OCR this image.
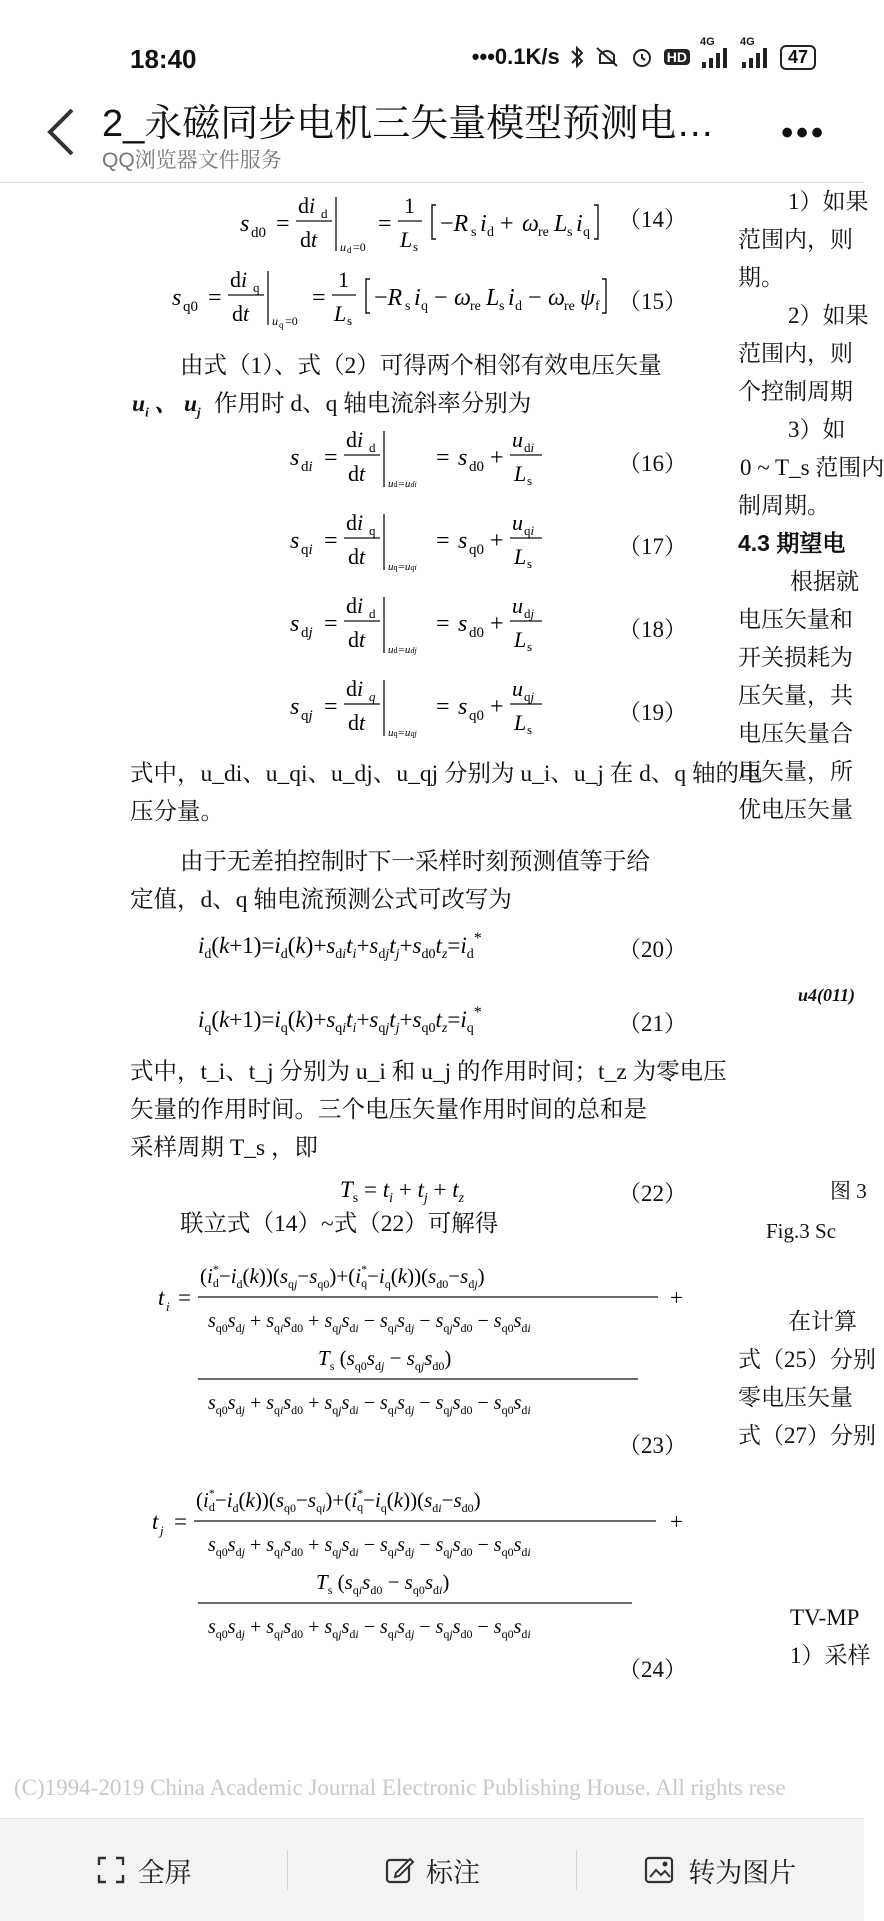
18:40	•••0.1K/s	HD
4G 4G
47
2_永磁同步电机三矢量模型预测电…
QQ浏览器文件服务
•••
s d0 =
di d
dt u d =0
=
1
L s
−R s i d + ω re L s i q
（14）
s q0 =
di q
dt u q =0
=
1
L s
−R s i q − ω re L s i d − ω re ψ f （15）
由式（1）、式（2）可得两个相邻有效电压矢量
$u_i$ 、 $u_j$ 作用时 d、q 轴电流斜率分别为
s di =
di d
dt ud=udi
= s d0 +
u di
L s
（16）
s qi =
di q
dt uq=uqi
= s q0 +
u qi
L s
（17）
s dj =
di d
dt ud=udj
= s d0 +
u dj
L s
（18）
s qj =
di q
dt uq=uqj
= s q0 +
u qj
L s
（19）
式中，u_di、u_qi、u_dj、u_qj 分别为 u_i、u_j 在 d、q 轴的电
压分量。
由于无差拍控制时下一采样时刻预测值等于给
定值，d、q 轴电流预测公式可改写为
$i_d(k+1)=i_d(k)+s_{di}t_i+s_{dj}t_j+s_{d0}t_z=i_d^*$	（20）
$i_q(k+1)=i_q(k)+s_{qi}t_i+s_{qj}t_j+s_{q0}t_z=i_q^*$	（21）
式中，t_i、t_j 分别为 u_i 和 u_j 的作用时间；t_z 为零电压
矢量的作用时间。三个电压矢量作用时间的总和是
采样周期 T_s ，即
$T_s = t_i + t_j + t_z$	（22）
联立式（14）~式（22）可解得
t i =
(i* $d-i_d(k))(s_{qj}-s_{q0})+(i^*$ $q-i_q(k))(s_{d0}-s_{dj})$
$s_{q0}s_{dj} + s_{qi}s_{d0} + s_{qj}s_{di} - s_{qi}s_{dj} - s_{qj}s_{d0} - s_{q0}s_{di}$
+
$T_s$ $(s_{q0}s_{dj} - s_{qj}s_{d0})$
$s_{q0}s_{dj} + s_{qi}s_{d0} + s_{qj}s_{di} - s_{qi}s_{dj} - s_{qj}s_{d0} - s_{q0}s_{di}$
（23）
t j =
(i* $d-i_d(k))(s_{q0}-s_{qi})+(i^*$ $q-i_q(k))(s_{di}-s_{d0})$
$s_{q0}s_{dj} + s_{qi}s_{d0} + s_{qj}s_{di} - s_{qi}s_{dj} - s_{qj}s_{d0} - s_{q0}s_{di}$
+
$T_s$ $(s_{qi}s_{d0} - s_{q0}s_{di})$
$s_{q0}s_{dj} + s_{qi}s_{d0} + s_{qj}s_{di} - s_{qi}s_{dj} - s_{qj}s_{d0} - s_{q0}s_{di}$
（24）
1）如果
范围内，则
期。
2）如果
范围内，则
个控制周期
3）如
0 ~ T_s 范围内
制周期。
4.3 期望电
根据就
电压矢量和
开关损耗为
压矢量，共
电压矢量合
压矢量，所
优电压矢量
u4(011)
图 3
Fig.3 Sc
在计算
式（25）分别
零电压矢量
式（27）分别
TV-MP
1）采样
(C)1994-2019 China Academic Journal Electronic Publishing House. All rights rese
全屏	标注	转为图片
